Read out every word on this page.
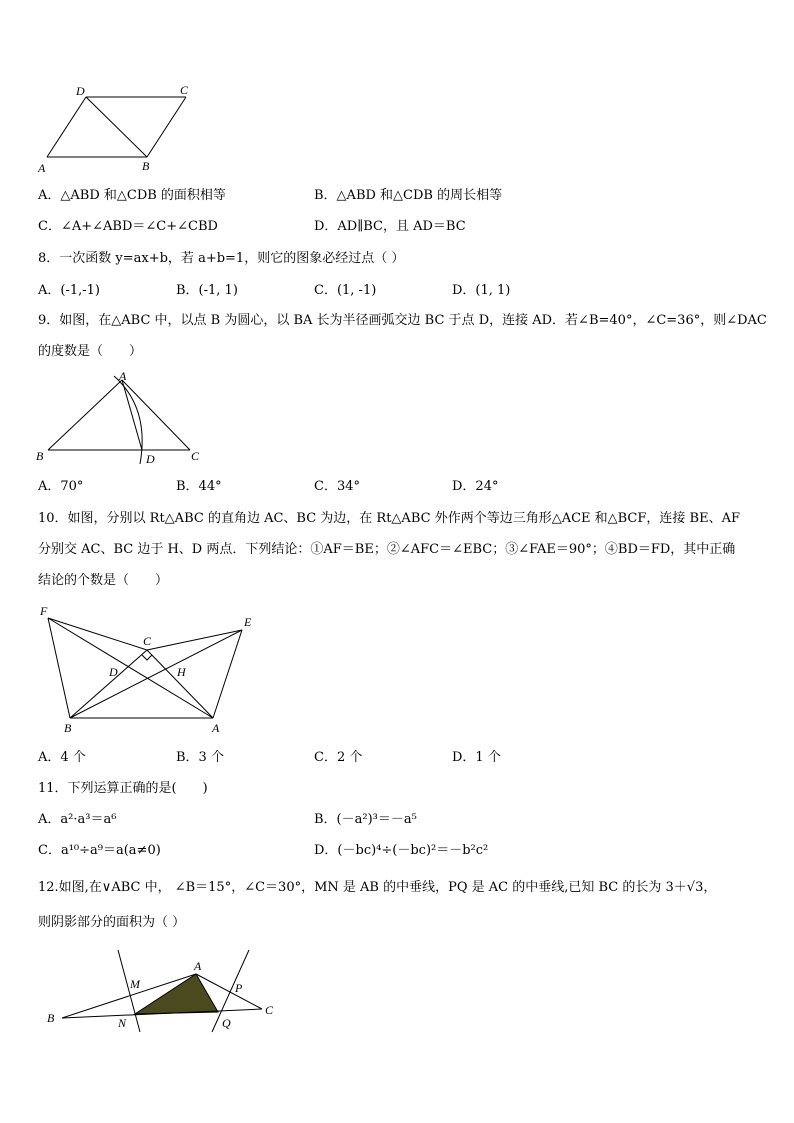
D	C
A	B
A．△ABD 和△CDB 的面积相等	B．△ABD 和△CDB 的周长相等
C．∠A+∠ABD＝∠C+∠CBD	D．AD∥BC，且 AD＝BC
8．一次函数 y=ax+b，若 a+b=1，则它的图象必经过点（ ）
A．(-1,-1)	B．(-1, 1)	C．(1, -1)	D．(1, 1)
9．如图，在△ABC 中，以点 B 为圆心，以 BA 长为半径画弧交边 BC 于点 D，连接 AD．若∠B=40°，∠C=36°，则∠DAC
的度数是（　　）
A
B	D	C
A．70°	B．44°	C．34°	D．24°
10．如图，分别以 Rt△ABC 的直角边 AC、BC 为边，在 Rt△ABC 外作两个等边三角形△ACE 和△BCF，连接 BE、AF
分别交 AC、BC 边于 H、D 两点．下列结论：①AF＝BE；②∠AFC＝∠EBC；③∠FAE＝90°；④BD＝FD，其中正确
结论的个数是（　　）
F
C
E
D	H
B	A
A．4 个	B．3 个	C．2 个	D．1 个
11．下列运算正确的是(　　)
A．a²·a³＝a⁶	B．(－a²)³＝－a⁵
C．a¹⁰÷a⁹＝a(a≠0)	D．(－bc)⁴÷(－bc)²＝－b²c²
12.如图,在∨ABC 中， ∠B＝15°，∠C＝30°，MN 是 AB 的中垂线，PQ 是 AC 的中垂线,已知 BC 的长为 3＋√3，
则阴影部分的面积为（ ）
A
M	P
B	N	Q
C
